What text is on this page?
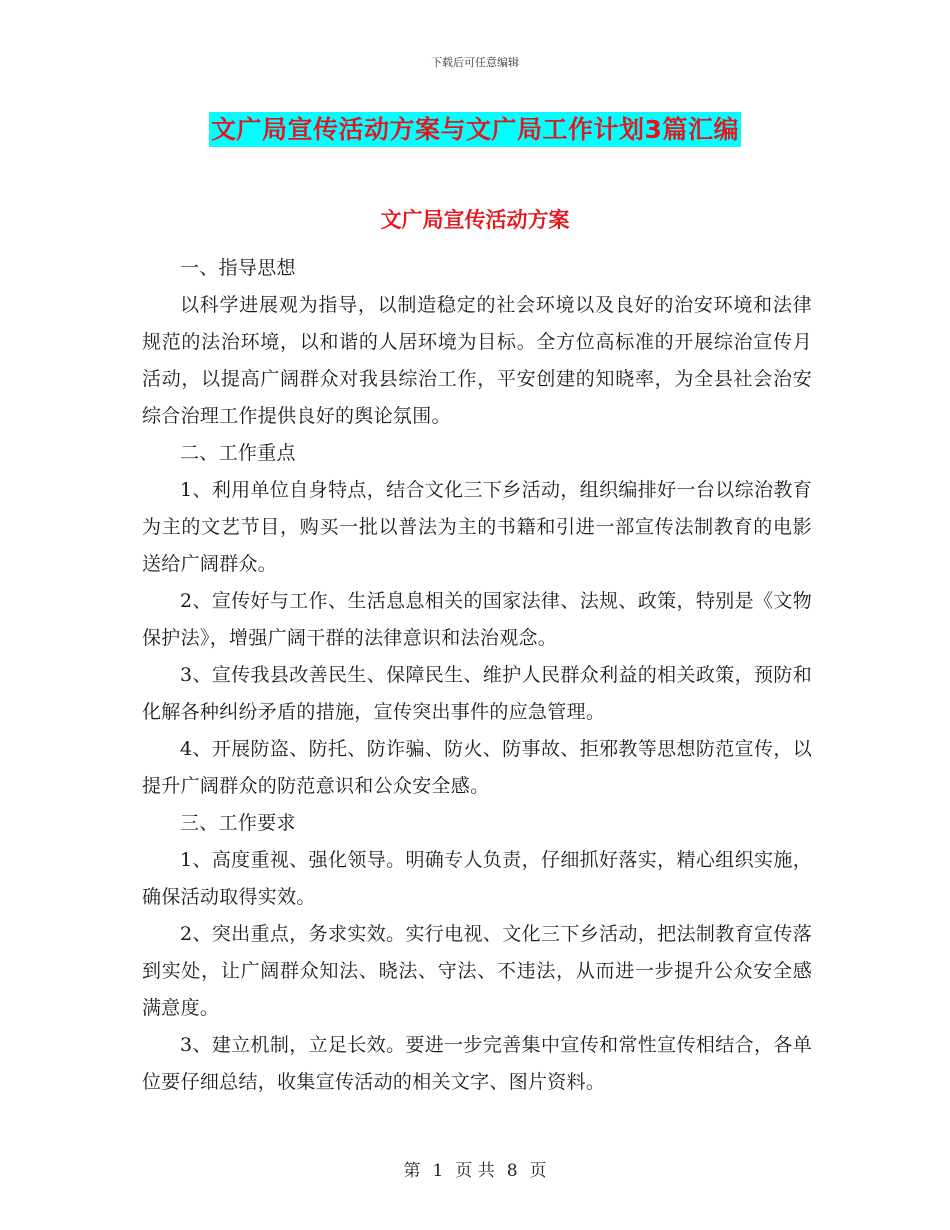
下载后可任意编辑
文广局宣传活动方案与文广局工作计划3篇汇编
文广局宣传活动方案

一、指导思想

以科学进展观为指导，以制造稳定的社会环境以及良好的治安环境和法律规范的法治环境，以和谐的人居环境为目标。全方位高标准的开展综治宣传月活动，以提高广阔群众对我县综治工作，平安创建的知晓率，为全县社会治安综合治理工作提供良好的舆论氛围。

二、工作重点

1、利用单位自身特点，结合文化三下乡活动，组织编排好一台以综治教育为主的文艺节目，购买一批以普法为主的书籍和引进一部宣传法制教育的电影送给广阔群众。

2、宣传好与工作、生活息息相关的国家法律、法规、政策，特别是《文物保护法》，增强广阔干群的法律意识和法治观念。

3、宣传我县改善民生、保障民生、维护人民群众利益的相关政策，预防和化解各种纠纷矛盾的措施，宣传突出事件的应急管理。

4、开展防盗、防托、防诈骗、防火、防事故、拒邪教等思想防范宣传，以提升广阔群众的防范意识和公众安全感。

三、工作要求

1、高度重视、强化领导。明确专人负责，仔细抓好落实，精心组织实施，确保活动取得实效。

2、突出重点，务求实效。实行电视、文化三下乡活动，把法制教育宣传落到实处，让广阔群众知法、晓法、守法、不违法，从而进一步提升公众安全感满意度。

3、建立机制，立足长效。要进一步完善集中宣传和常性宣传相结合，各单位要仔细总结，收集宣传活动的相关文字、图片资料。

第 1 页 共 8 页
